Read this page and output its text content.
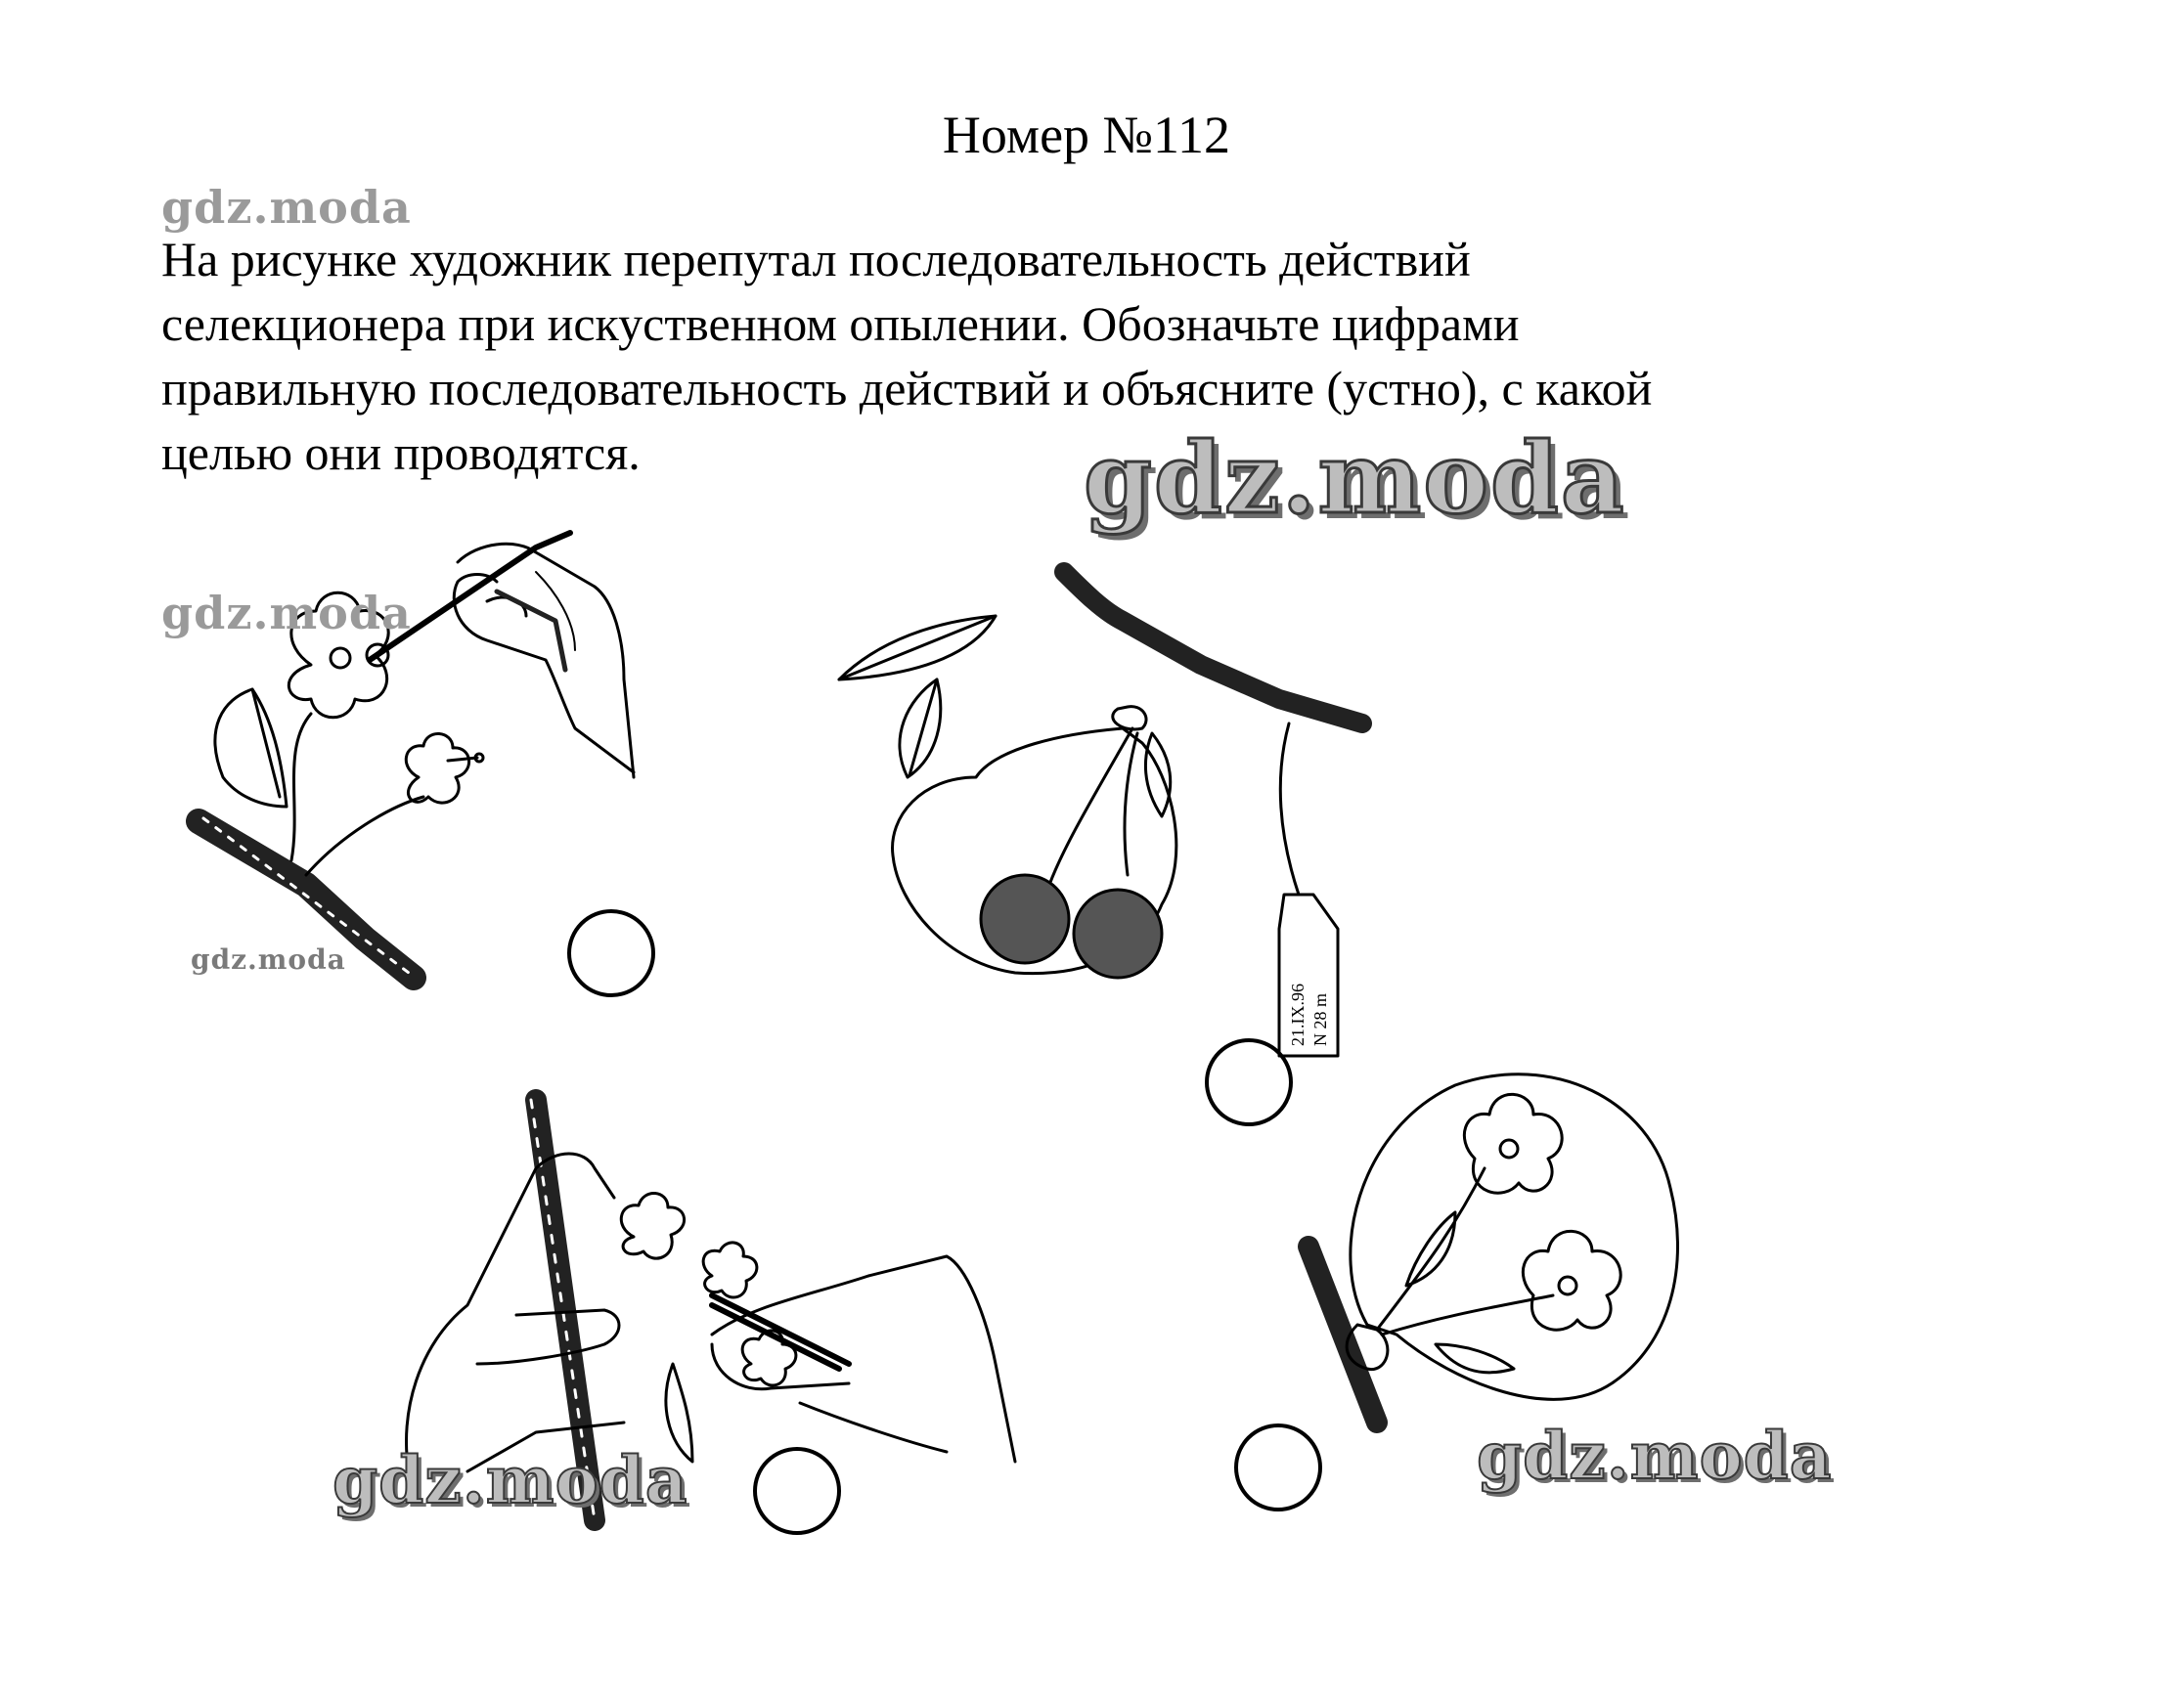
Номер №112
gdz.moda
На рисунке художник перепутал последовательность действий
селекционера при искуственном опылении. Обозначьте цифрами
правильную последовательность действий и объясните (устно), с какой
целью они проводятся.	gdz.moda
21.IX.96 N 28 m
gdz.moda
gdz.moda
gdz.moda	gdz.moda
